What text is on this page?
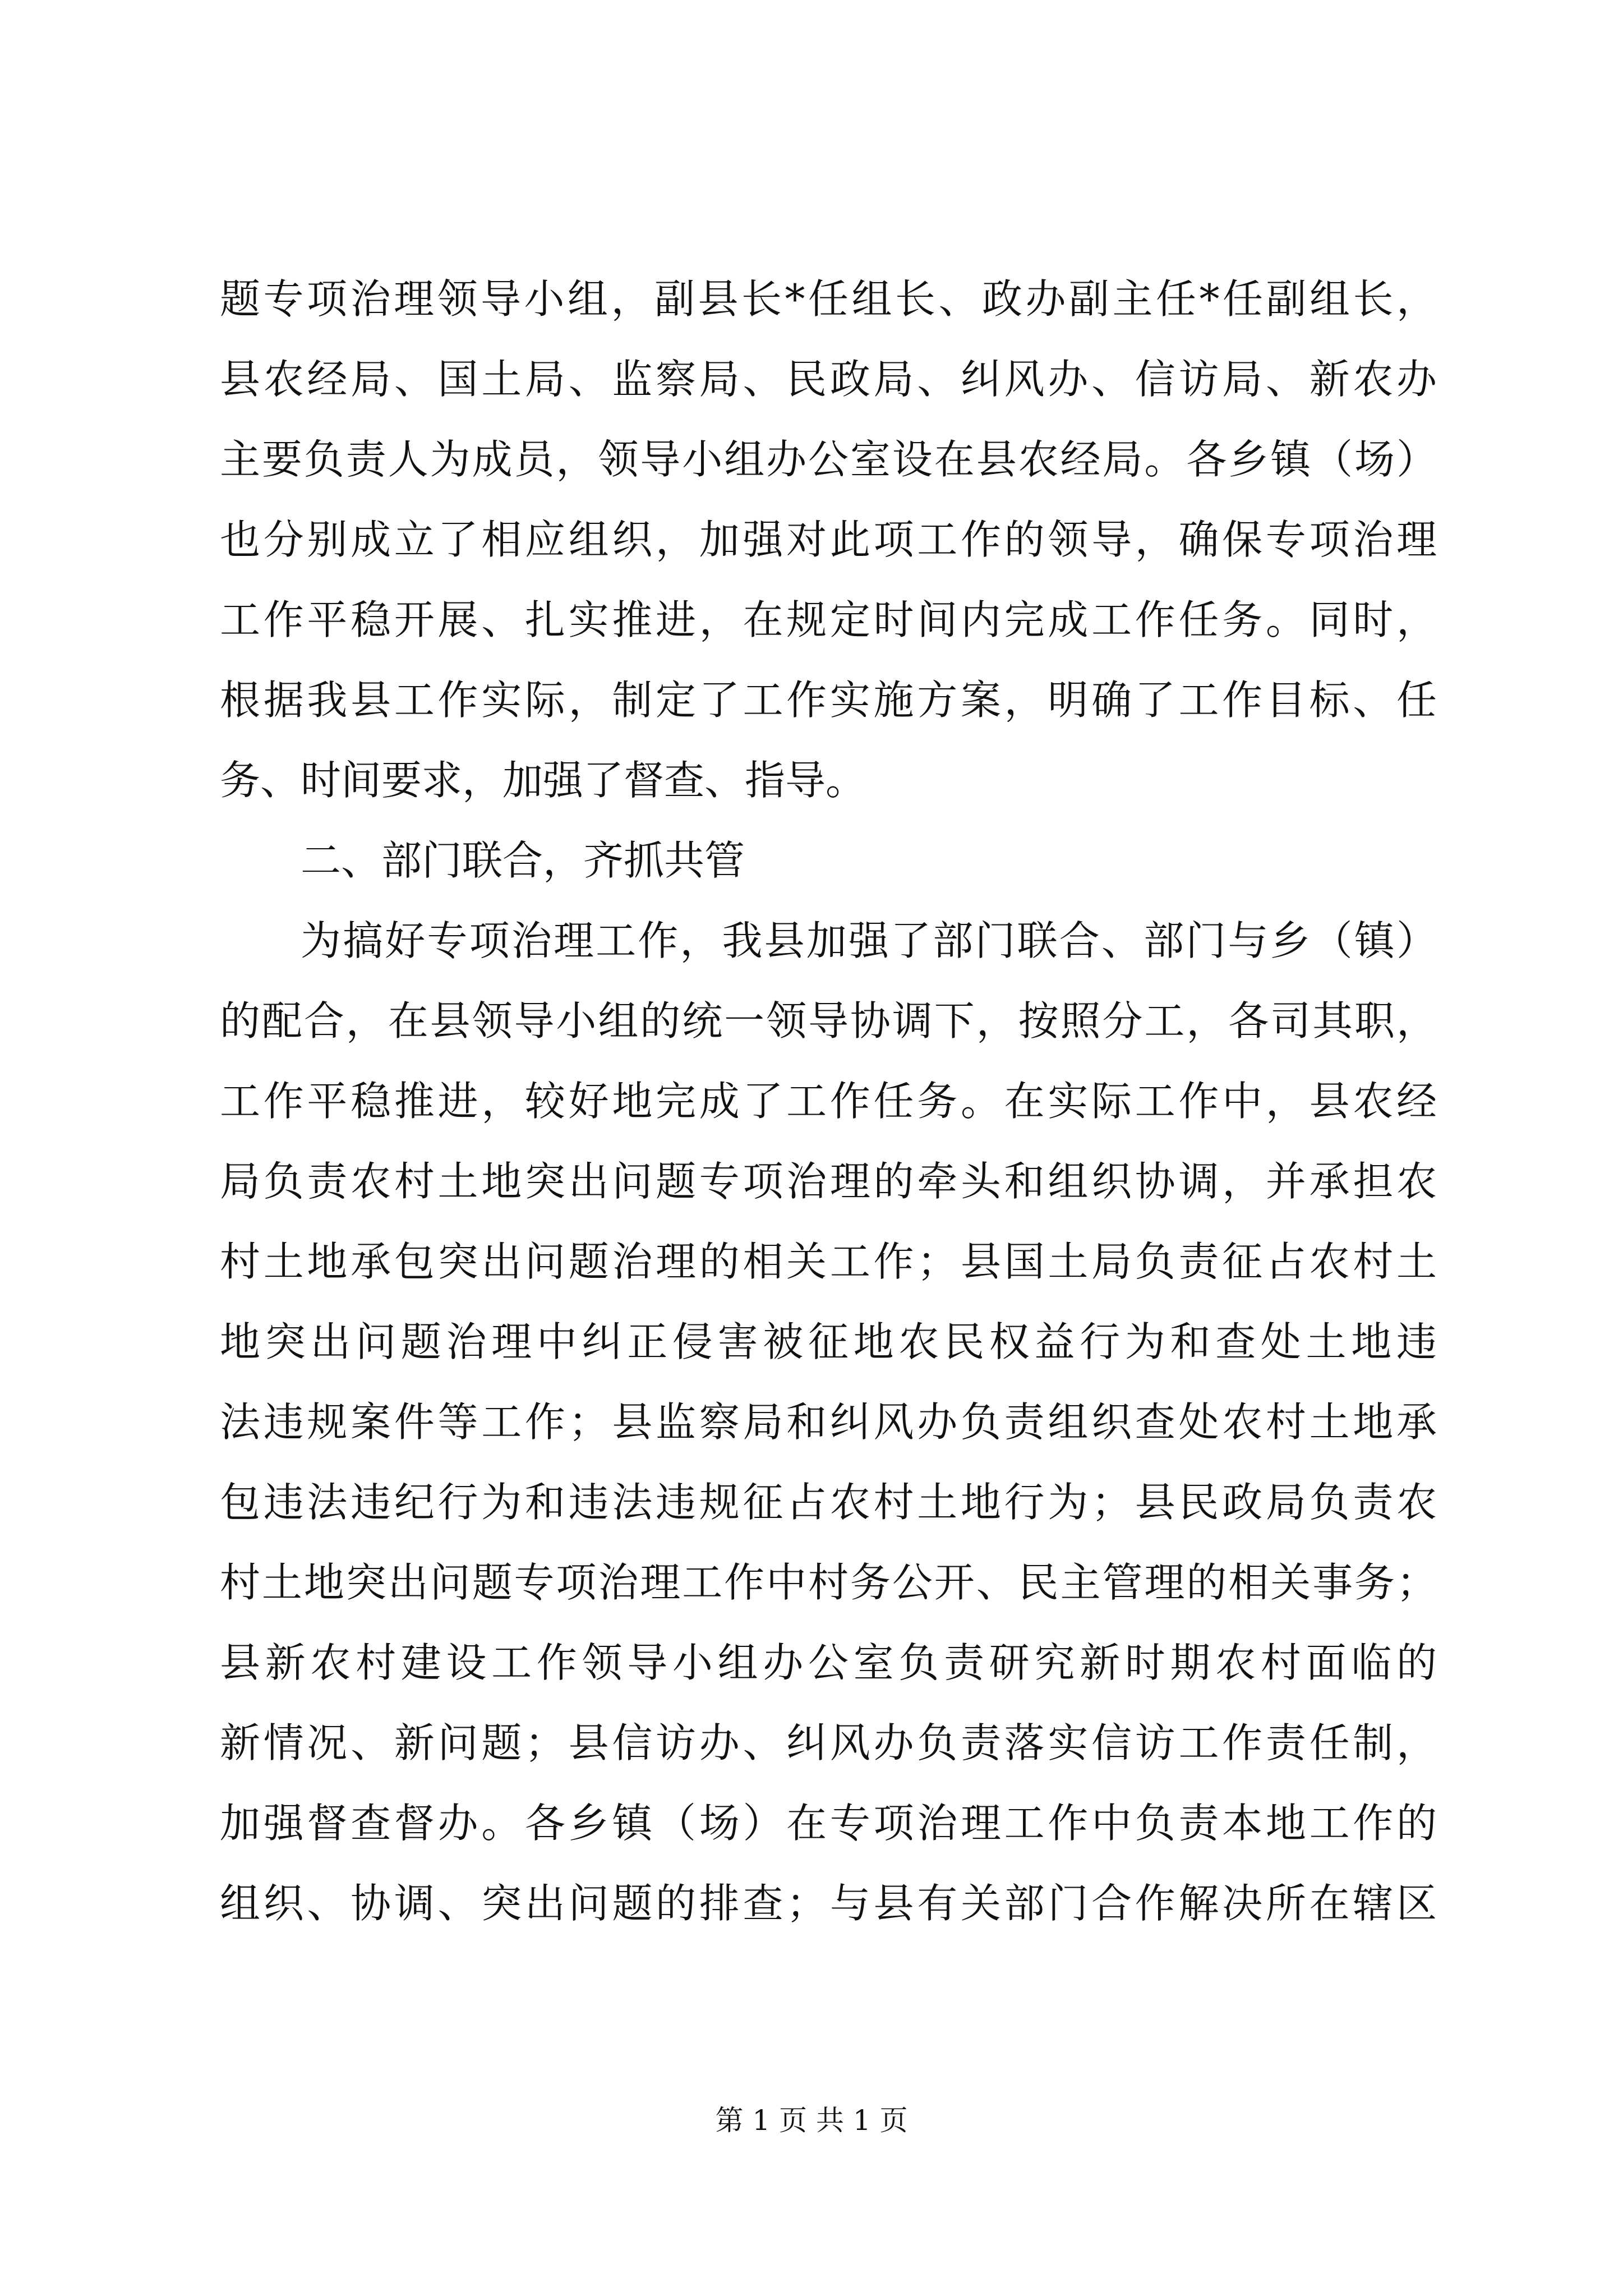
题专项治理领导小组，副县长*任组长、政办副主任*任副组长，
县农经局、国土局、监察局、民政局、纠风办、信访局、新农办
主要负责人为成员，领导小组办公室设在县农经局。各乡镇（场）
也分别成立了相应组织，加强对此项工作的领导，确保专项治理
工作平稳开展、扎实推进，在规定时间内完成工作任务。同时，
根据我县工作实际，制定了工作实施方案，明确了工作目标、任
务、时间要求，加强了督查、指导。
二、部门联合，齐抓共管
为搞好专项治理工作，我县加强了部门联合、部门与乡（镇）
的配合，在县领导小组的统一领导协调下，按照分工，各司其职，
工作平稳推进，较好地完成了工作任务。在实际工作中，县农经
局负责农村土地突出问题专项治理的牵头和组织协调，并承担农
村土地承包突出问题治理的相关工作；县国土局负责征占农村土
地突出问题治理中纠正侵害被征地农民权益行为和查处土地违
法违规案件等工作；县监察局和纠风办负责组织查处农村土地承
包违法违纪行为和违法违规征占农村土地行为；县民政局负责农
村土地突出问题专项治理工作中村务公开、民主管理的相关事务；
县新农村建设工作领导小组办公室负责研究新时期农村面临的
新情况、新问题；县信访办、纠风办负责落实信访工作责任制，
加强督查督办。各乡镇（场）在专项治理工作中负责本地工作的
组织、协调、突出问题的排查；与县有关部门合作解决所在辖区
第 1 页 共 1 页
